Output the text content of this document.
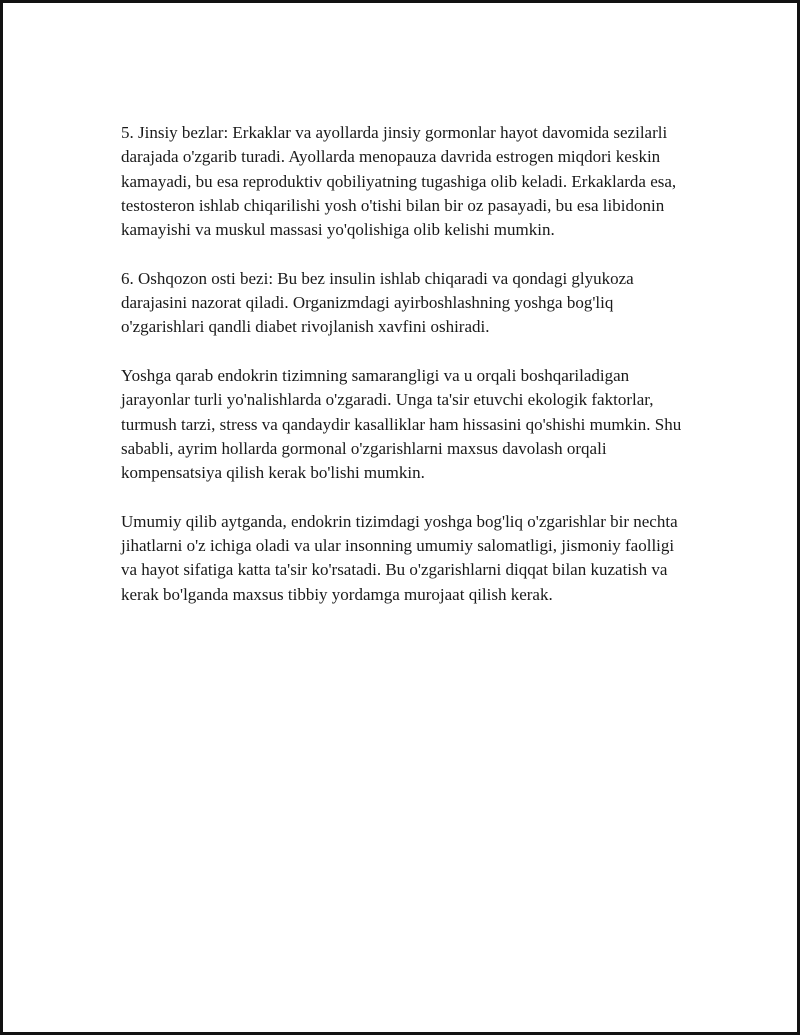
5. Jinsiy bezlar: Erkaklar va ayollarda jinsiy gormonlar hayot davomida sezilarli darajada o'zgarib turadi. Ayollarda menopauza davrida estrogen miqdori keskin kamayadi, bu esa reproduktiv qobiliyatning tugashiga olib keladi. Erkaklarda esa, testosteron ishlab chiqarilishi yosh o'tishi bilan bir oz pasayadi, bu esa libidonin kamayishi va muskul massasi yo'qolishiga olib kelishi mumkin.

6. Oshqozon osti bezi: Bu bez insulin ishlab chiqaradi va qondagi glyukoza darajasini nazorat qiladi. Organizmdagi ayirboshlashning yoshga bog'liq o'zgarishlari qandli diabet rivojlanish xavfini oshiradi.

Yoshga qarab endokrin tizimning samarangligi va u orqali boshqariladigan jarayonlar turli yo'nalishlarda o'zgaradi. Unga ta'sir etuvchi ekologik faktorlar, turmush tarzi, stress va qandaydir kasalliklar ham hissasini qo'shishi mumkin. Shu sababli, ayrim hollarda gormonal o'zgarishlarni maxsus davolash orqali kompensatsiya qilish kerak bo'lishi mumkin.

Umumiy qilib aytganda, endokrin tizimdagi yoshga bog'liq o'zgarishlar bir nechta jihatlarni o'z ichiga oladi va ular insonning umumiy salomatligi, jismoniy faolligi va hayot sifatiga katta ta'sir ko'rsatadi. Bu o'zgarishlarni diqqat bilan kuzatish va kerak bo'lganda maxsus tibbiy yordamga murojaat qilish kerak.
